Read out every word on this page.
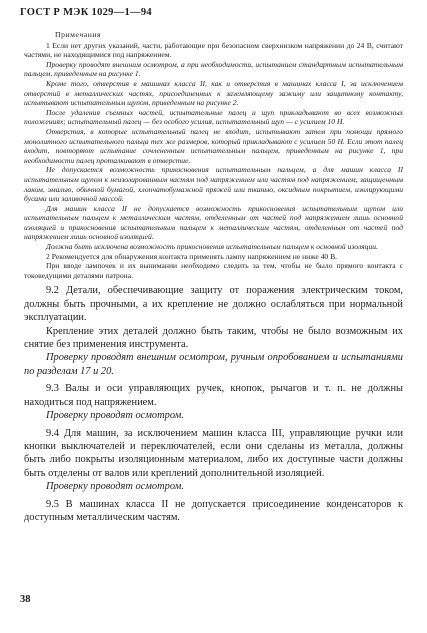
ГОСТ Р МЭК 1029—1—94

Примечания

1 Если нет других указаний, части, работающие при безопасном сверхнизком напряжении до 24 В, считают частями, не находящимися под напряжением.

Проверку проводят внешним осмотром, а при необходимости, испытанием стандартным испытательным пальцем, приведенным на рисунке 1.

Кроме того, отверстия в машинах класса II, как и отверстия в машинах класса I, за исключением отверстий в металлических частях, присоединенных к заземляющему зажиму или защитному контакту, испытывают испытательным щупом, приведенным на рисунке 2.

После удаления съемных частей, испытательные палец и щуп прикладывают во всех возможных положениях; испытательный палец — без особого усилия, испытательный щуп — с усилием 10 Н.

Отверстия, в которые испытательный палец не входит, испытывают затем при помощи прямого монолитного испытательного пальца тех же размеров, который прикладывают с усилием 50 Н. Если этот палец входит, повторяют испытание сочлененным испытательным пальцем, приведенным на рисунке 1, при необходимости палец проталкивают в отверстие.

Не допускается возможность прикосновения испытательным пальцем, а для машин класса II испытательным щупом к неизолированным частям под напряжением или частям под напряжением, защищенным лаком, эмалью, обычной бумагой, хлопчатобумажной пряжей или тканью, оксидным покрытием, изолирующими бусами или заливочной массой.

Для машин класса II не допускается возможность прикосновения испытательным щупом или испытательным пальцем к металлическим частям, отделенным от частей под напряжением лишь основной изоляцией и прикосновения испытательным пальцем к металлическим частям, отделенным от частей под напряжением лишь основной изоляцией.

Должна быть исключена возможность прикосновения испытательным пальцем к основной изоляции.

2 Рекомендуется для обнаружения контакта применять лампу напряжением не ниже 40 В.

При вводе лампочек и их вынимании необходимо следить за тем, чтобы не было прямого контакта с токоведущими деталями патрона.

9.2 Детали, обеспечивающие защиту от поражения электрическим током, должны быть прочными, а их крепление не должно ослабляться при нормальной эксплуатации.

Крепление этих деталей должно быть таким, чтобы не было возможным их снятие без применения инструмента.

Проверку проводят внешним осмотром, ручным опробованием и испытаниями по разделам 17 и 20.

9.3 Валы и оси управляющих ручек, кнопок, рычагов и т. п. не должны находиться под напряжением.

Проверку проводят осмотром.

9.4 Для машин, за исключением машин класса III, управляющие ручки или кнопки выключателей и переключателей, если они сделаны из металла, должны быть либо покрыты изоляционным материалом, либо их доступные части должны быть отделены от валов или креплений дополнительной изоляцией.

Проверку проводят осмотром.

9.5 В машинах класса II не допускается присоединение конденсаторов к доступным металлическим частям.

38
